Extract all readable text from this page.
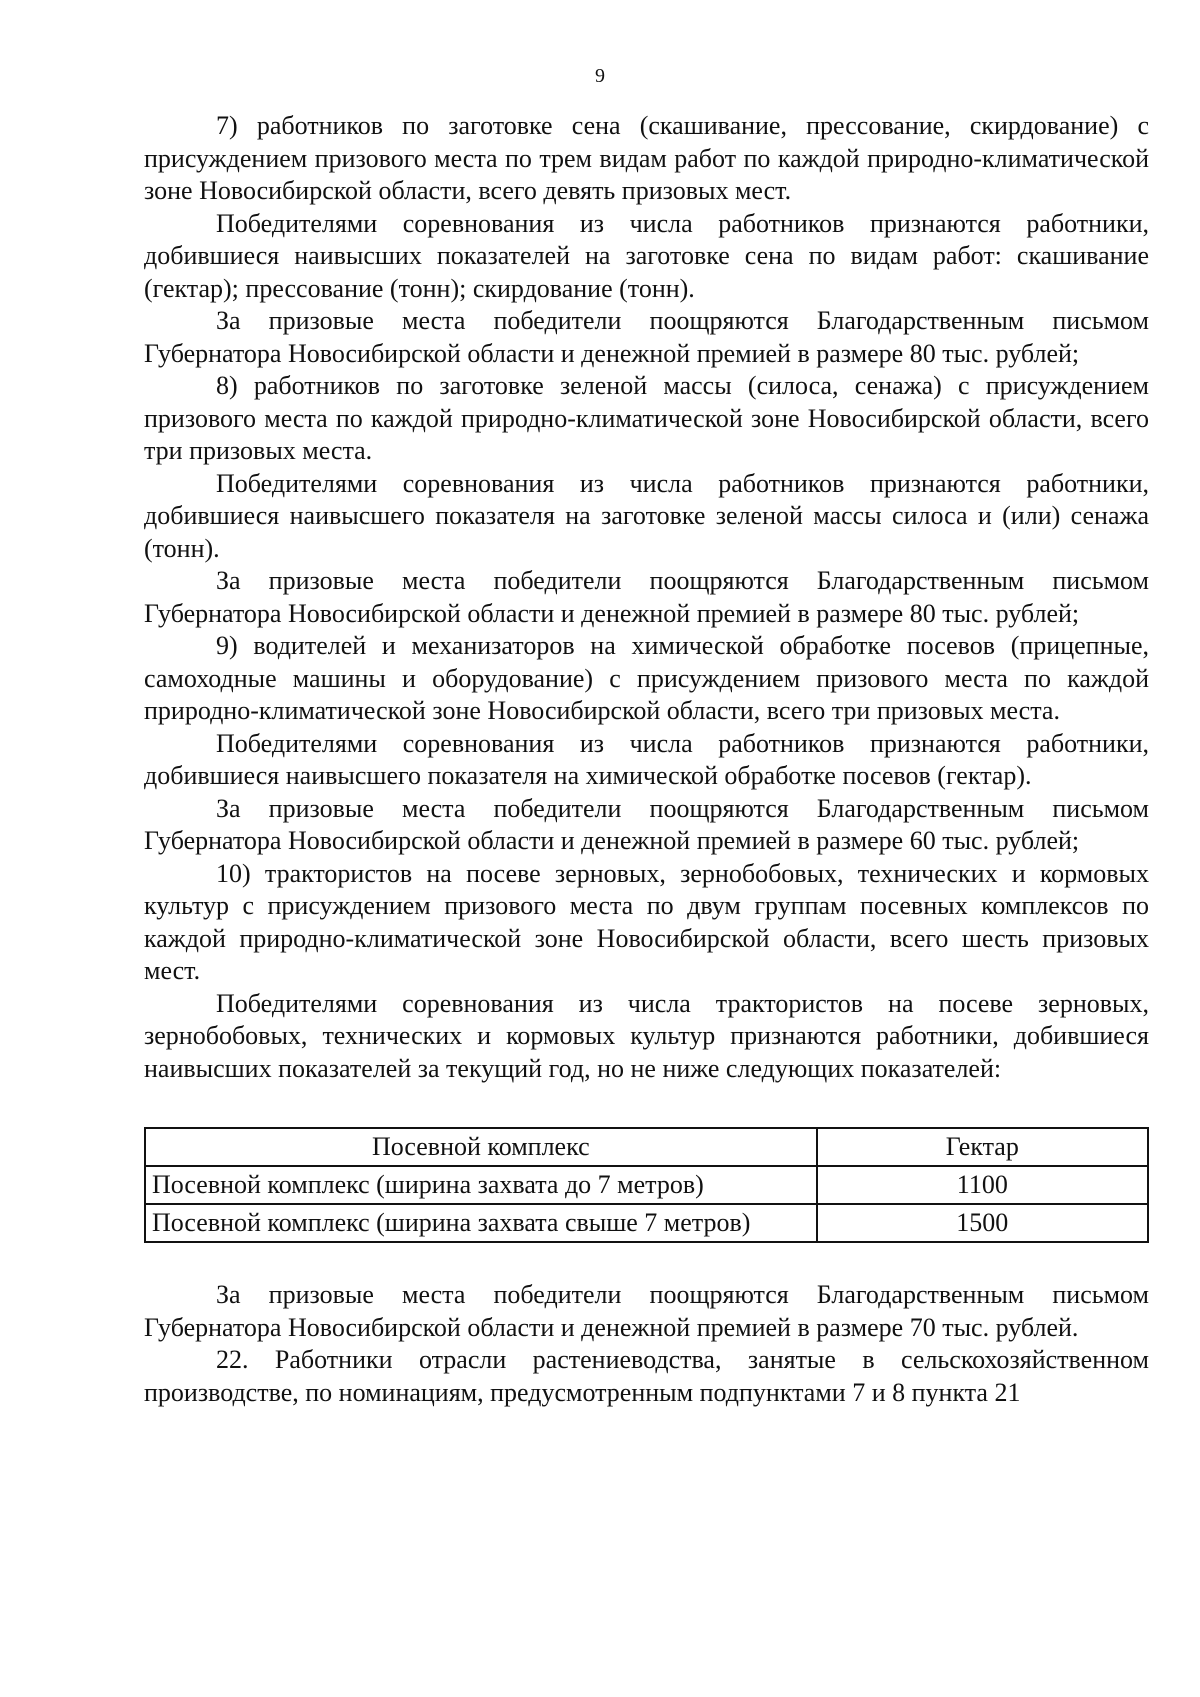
9

7) работников по заготовке сена (скашивание, прессование, скирдование) с присуждением призового места по трем видам работ по каждой природно-климатической зоне Новосибирской области, всего девять призовых мест.

Победителями соревнования из числа работников признаются работники, добившиеся наивысших показателей на заготовке сена по видам работ: скашивание (гектар); прессование (тонн); скирдование (тонн).

За призовые места победители поощряются Благодарственным письмом Губернатора Новосибирской области и денежной премией в размере 80 тыс. рублей;

8) работников по заготовке зеленой массы (силоса, сенажа) с присуждением призового места по каждой природно-климатической зоне Новосибирской области, всего три призовых места.

Победителями соревнования из числа работников признаются работники, добившиеся наивысшего показателя на заготовке зеленой массы силоса и (или) сенажа (тонн).

За призовые места победители поощряются Благодарственным письмом Губернатора Новосибирской области и денежной премией в размере 80 тыс. рублей;

9) водителей и механизаторов на химической обработке посевов (прицепные, самоходные машины и оборудование) с присуждением призового места по каждой природно-климатической зоне Новосибирской области, всего три призовых места.

Победителями соревнования из числа работников признаются работники, добившиеся наивысшего показателя на химической обработке посевов (гектар).

За призовые места победители поощряются Благодарственным письмом Губернатора Новосибирской области и денежной премией в размере 60 тыс. рублей;

10) трактористов на посеве зерновых, зернобобовых, технических и кормовых культур с присуждением призового места по двум группам посевных комплексов по каждой природно-климатической зоне Новосибирской области, всего шесть призовых мест.

Победителями соревнования из числа трактористов на посеве зерновых, зернобобовых, технических и кормовых культур признаются работники, добившиеся наивысших показателей за текущий год, но не ниже следующих показателей:

Посевной комплекс	Гектар
Посевной комплекс (ширина захвата до 7 метров)	1100
Посевной комплекс (ширина захвата свыше 7 метров)	1500

За призовые места победители поощряются Благодарственным письмом Губернатора Новосибирской области и денежной премией в размере 70 тыс. рублей.

22. Работники отрасли растениеводства, занятые в сельскохозяйственном производстве, по номинациям, предусмотренным подпунктами 7 и 8 пункта 21
